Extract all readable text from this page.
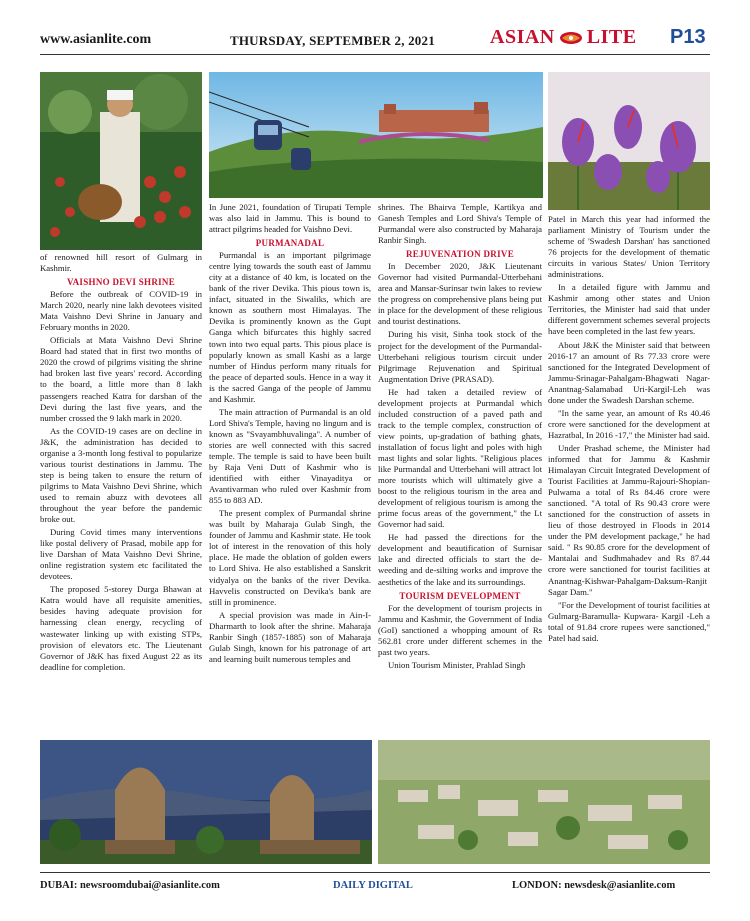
www.asianlite.com	THURSDAY, SEPTEMBER 2, 2021	ASIAN LITE P13

of renowned hill resort of Gulmarg in Kashmir.

VAISHNO DEVI SHRINE

Before the outbreak of COVID-19 in March 2020, nearly nine lakh devotees visited Mata Vaishno Devi Shrine in January and February months in 2020.

Officials at Mata Vaishno Devi Shrine Board had stated that in first two months of 2020 the crowd of pilgrims visiting the shrine had broken last five years' record. According to the board, a little more than 8 lakh passengers reached Katra for darshan of the Devi during the last five years, and the number crossed the 9 lakh mark in 2020.

As the COVID-19 cases are on decline in J&K, the administration has decided to organise a 3-month long festival to popularize various tourist destinations in Jammu. The step is being taken to ensure the return of pilgrims to Mata Vaishno Devi Shrine, which used to remain abuzz with devotees all throughout the year before the pandemic broke out.

During Covid times many interventions like postal delivery of Prasad, mobile app for live Darshan of Mata Vaishno Devi Shrine, online registration system etc facilitated the devotees.

The proposed 5-storey Durga Bhawan at Katra would have all requisite amenities, besides having adequate provision for harnessing clean energy, recycling of wastewater linking up with existing STPs, provision of elevators etc. The Lieutenant Governor of J&K has fixed August 22 as its deadline for completion.

In June 2021, foundation of Tirupati Temple was also laid in Jammu. This is bound to attract pilgrims headed for Vaishno Devi.

PURMANADAL

Purmandal is an important pilgrimage centre lying towards the south east of Jammu city at a distance of 40 km, is located on the bank of the river Devika. This pious town is, infact, situated in the Siwaliks, which are known as southern most Himalayas. The Devika is prominently known as the Gupt Ganga which bifurcates this highly sacred town into two equal parts. This pious place is popularly known as small Kashi as a large number of Hindus perform many rituals for the peace of departed souls. Hence in a way it is the sacred Ganga of the people of Jammu and Kashmir.

The main attraction of Purmandal is an old Lord Shiva's Temple, having no lingum and is known as "Svayambhuvalinga". A number of stories are well connected with this sacred temple. The temple is said to have been built by Raja Veni Dutt of Kashmir who is identified with either Vinayaditya or Avantivarman who ruled over Kashmir from 855 to 883 AD.

The present complex of Purmandal shrine was built by Maharaja Gulab Singh, the founder of Jammu and Kashmir state. He took lot of interest in the renovation of this holy place. He made the oblation of golden ewers to Lord Shiva. He also established a Sanskrit vidyalya on the banks of the river Devika. Havvelis constructed on Devika's bank are still in prominence.

A special provision was made in Ain-I-Dharmarth to look after the shrine. Maharaja Ranbir Singh (1857-1885) son of Maharaja Gulab Singh, known for his patronage of art and learning built numerous temples and

shrines. The Bhairva Temple, Kartikya and Ganesh Temples and Lord Shiva's Temple of Purmandal were also constructed by Maharaja Ranbir Singh.

REJUVENATION DRIVE

In December 2020, J&K Lieutenant Governor had visited Purmandal-Utterbehani area and Mansar-Surinsar twin lakes to review the progress on comprehensive plans being put in place for the development of these religious and tourist destinations.

During his visit, Sinha took stock of the project for the development of the Purmandal- Utterbehani religious tourism circuit under Pilgrimage Rejuvenation and Spiritual Augmentation Drive (PRASAD).

He had taken a detailed review of development projects at Purmandal which included construction of a paved path and track to the temple complex, construction of view points, up-gradation of bathing ghats, installation of focus light and poles with high mast lights and solar lights. "Religious places like Purmandal and Utterbehani will attract lot more tourists which will ultimately give a boost to the religious tourism in the area and development of religious tourism is among the prime focus areas of the government," the Lt Governor had said.

He had passed the directions for the development and beautification of Surnisar lake and directed officials to start the de-weeding and de-silting works and improve the aesthetics of the lake and its surroundings.

TOURISM DEVELOPMENT

For the development of tourism projects in Jammu and Kashmir, the Government of India (GoI) sanctioned a whopping amount of Rs 562.81 crore under different schemes in the past two years.

Union Tourism Minister, Prahlad Singh

Patel in March this year had informed the parliament Ministry of Tourism under the scheme of 'Swadesh Darshan' has sanctioned 76 projects for the development of thematic circuits in various States/ Union Territory administrations.

In a detailed figure with Jammu and Kashmir among other states and Union Territories, the Minister had said that under different government schemes several projects have been completed in the last few years.

About J&K the Minister said that between 2016-17 an amount of Rs 77.33 crore were sanctioned for the Integrated Development of Jammu-Srinagar-Pahalgam-Bhagwati Nagar- Anantnag-Salamabad Uri-Kargil-Leh was done under the Swadesh Darshan scheme.

"In the same year, an amount of Rs 40.46 crore were sanctioned for the development at Hazratbal, In 2016 -17," the Minister had said.

Under Prashad scheme, the Minister had informed that for Jammu & Kashmir Himalayan Circuit Integrated Development of Tourist Facilities at Jammu-Rajouri-Shopian-Pulwama a total of Rs 84.46 crore were sanctioned. "A total of Rs 90.43 crore were sanctioned for the construction of assets in lieu of those destroyed in Floods in 2014 under the PM development package," he had said. " Rs 90.85 crore for the development of Mantalai and Sudhmahadev and Rs 87.44 crore were sanctioned for tourist facilities at Anantnag-Kishwar-Pahalgam-Daksum-Ranjit Sagar Dam."

"For the Development of tourist facilities at Gulmarg-Baramulla- Kupwara- Kargil -Leh a total of 91.84 crore rupees were sanctioned," Patel had said.

DUBAI: newsroomdubai@asianlite.com	DAILY DIGITAL	LONDON: newsdesk@asianlite.com
